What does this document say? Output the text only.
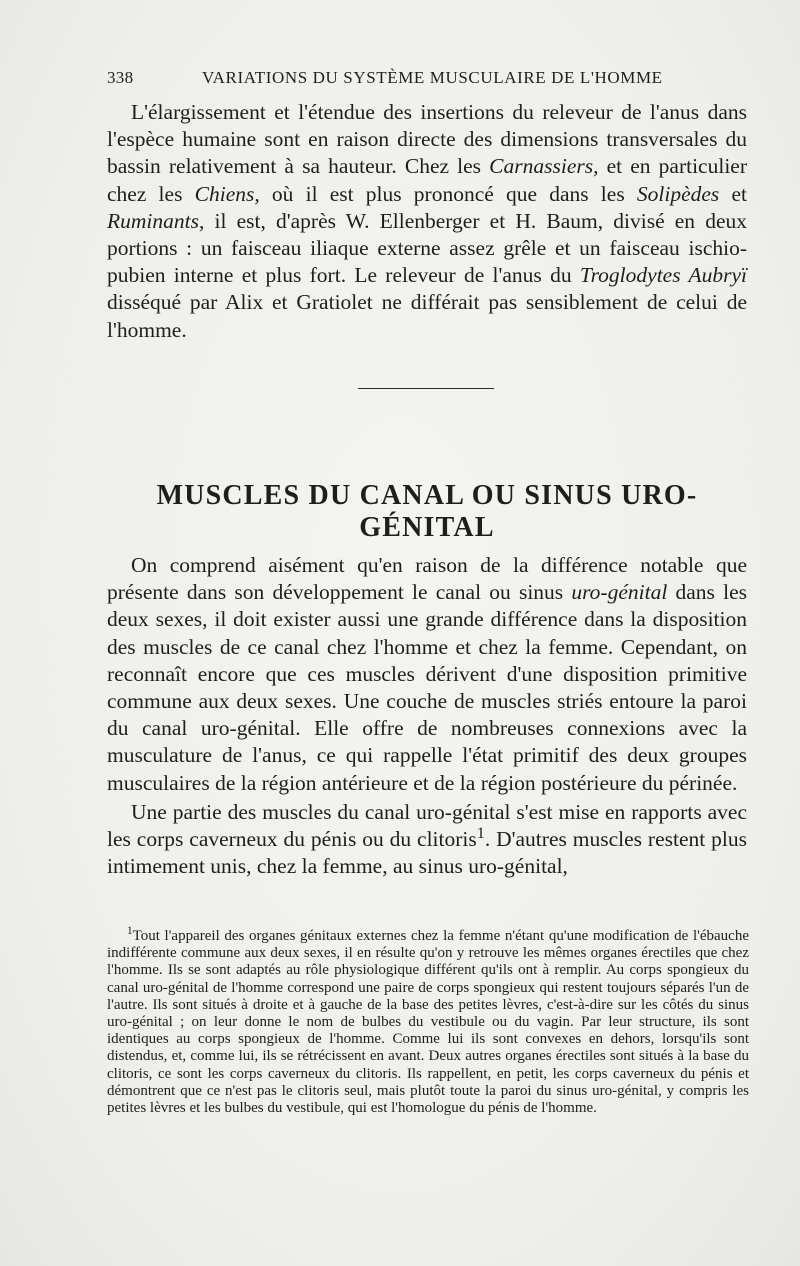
338	VARIATIONS DU SYSTÈME MUSCULAIRE DE L'HOMME

L'élargissement et l'étendue des insertions du releveur de l'anus dans l'espèce humaine sont en raison directe des dimensions transversales du bassin relativement à sa hauteur. Chez les Carnassiers, et en particulier chez les Chiens, où il est plus prononcé que dans les Solipèdes et Ruminants, il est, d'après W. Ellenberger et H. Baum, divisé en deux portions : un faisceau iliaque externe assez grêle et un faisceau ischio-pubien interne et plus fort. Le releveur de l'anus du Troglodytes Aubryï disséqué par Alix et Gratiolet ne différait pas sensiblement de celui de l'homme.

MUSCLES DU CANAL OU SINUS URO-GÉNITAL

On comprend aisément qu'en raison de la différence notable que présente dans son développement le canal ou sinus uro-génital dans les deux sexes, il doit exister aussi une grande différence dans la disposition des muscles de ce canal chez l'homme et chez la femme. Cependant, on reconnaît encore que ces muscles dérivent d'une disposition primitive commune aux deux sexes. Une couche de muscles striés entoure la paroi du canal uro-génital. Elle offre de nombreuses connexions avec la musculature de l'anus, ce qui rappelle l'état primitif des deux groupes musculaires de la région antérieure et de la région postérieure du périnée.

Une partie des muscles du canal uro-génital s'est mise en rapports avec les corps caverneux du pénis ou du clitoris$^1$. D'autres muscles restent plus intimement unis, chez la femme, au sinus uro-génital,

$^1$Tout l'appareil des organes génitaux externes chez la femme n'étant qu'une modification de l'ébauche indifférente commune aux deux sexes, il en résulte qu'on y retrouve les mêmes organes érectiles que chez l'homme. Ils se sont adaptés au rôle physiologique différent qu'ils ont à remplir. Au corps spongieux du canal uro-génital de l'homme correspond une paire de corps spongieux qui restent toujours séparés l'un de l'autre. Ils sont situés à droite et à gauche de la base des petites lèvres, c'est-à-dire sur les côtés du sinus uro-génital ; on leur donne le nom de bulbes du vestibule ou du vagin. Par leur structure, ils sont identiques au corps spongieux de l'homme. Comme lui ils sont convexes en dehors, lorsqu'ils sont distendus, et, comme lui, ils se rétrécissent en avant. Deux autres organes érectiles sont situés à la base du clitoris, ce sont les corps caverneux du clitoris. Ils rappellent, en petit, les corps caverneux du pénis et démontrent que ce n'est pas le clitoris seul, mais plutôt toute la paroi du sinus uro-génital, y compris les petites lèvres et les bulbes du vestibule, qui est l'homologue du pénis de l'homme.
